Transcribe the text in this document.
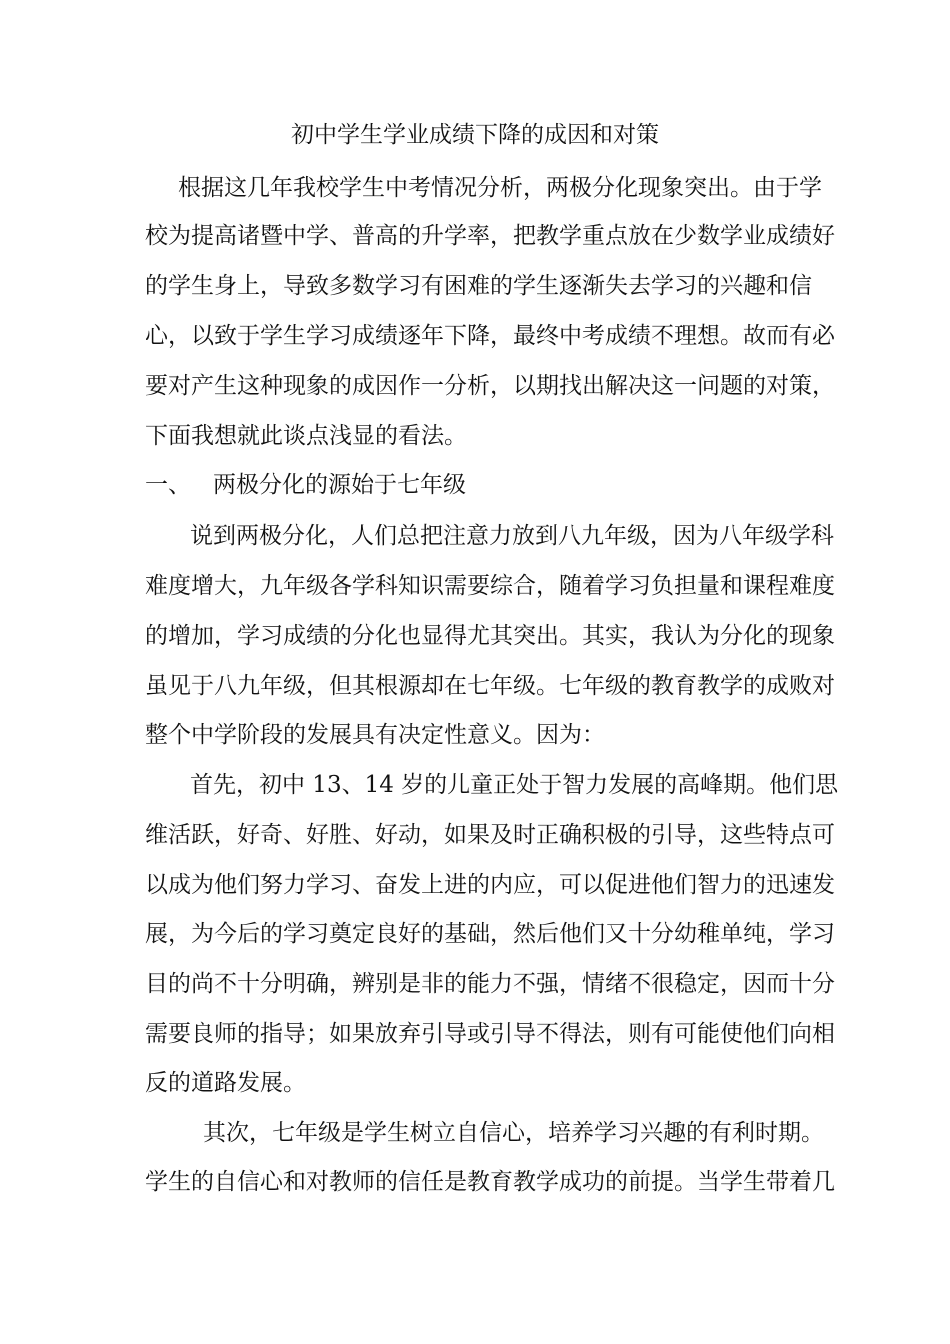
初中学生学业成绩下降的成因和对策

根据这几年我校学生中考情况分析，两极分化现象突出。由于学

校为提高诸暨中学、普高的升学率，把教学重点放在少数学业成绩好

的学生身上，导致多数学习有困难的学生逐渐失去学习的兴趣和信

心，以致于学生学习成绩逐年下降，最终中考成绩不理想。故而有必

要对产生这种现象的成因作一分析，以期找出解决这一问题的对策，

下面我想就此谈点浅显的看法。

一、 两极分化的源始于七年级

说到两极分化，人们总把注意力放到八九年级，因为八年级学科

难度增大，九年级各学科知识需要综合，随着学习负担量和课程难度

的增加，学习成绩的分化也显得尤其突出。其实，我认为分化的现象

虽见于八九年级，但其根源却在七年级。七年级的教育教学的成败对

整个中学阶段的发展具有决定性意义。因为：

首先，初中 13、14 岁的儿童正处于智力发展的高峰期。他们思

维活跃，好奇、好胜、好动，如果及时正确积极的引导，这些特点可

以成为他们努力学习、奋发上进的内应，可以促进他们智力的迅速发

展，为今后的学习奠定良好的基础，然后他们又十分幼稚单纯，学习

目的尚不十分明确，辨别是非的能力不强，情绪不很稳定，因而十分

需要良师的指导；如果放弃引导或引导不得法，则有可能使他们向相

反的道路发展。

其次，七年级是学生树立自信心，培养学习兴趣的有利时期。

学生的自信心和对教师的信任是教育教学成功的前提。当学生带着几
